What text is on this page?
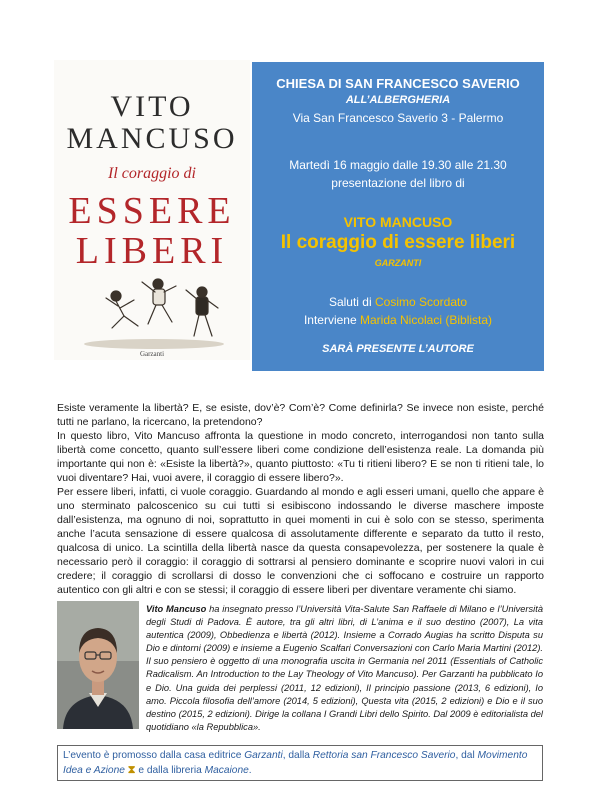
VITO
MANCUSO
Il coraggio di
ESSERE
LIBERI
Garzanti
CHIESA DI SAN FRANCESCO SAVERIO
ALL’ALBERGHERIA
Via San Francesco Saverio 3 - Palermo
Martedì 16 maggio dalle 19.30 alle 21.30
presentazione del libro di
VITO MANCUSO
Il coraggio di essere liberi
GARZANTI
Saluti di Cosimo Scordato
Interviene Marida Nicolaci (Biblista)
SARÀ PRESENTE L’AUTORE

Esiste veramente la libertà? E, se esiste, dov’è? Com’è? Come definirla? Se invece non esiste, perché tutti ne parlano, la ricercano, la pretendono?

In questo libro, Vito Mancuso affronta la questione in modo concreto, interrogandosi non tanto sulla libertà come concetto, quanto sull’essere liberi come condizione dell’esistenza reale. La domanda più importante qui non è: «Esiste la libertà?», quanto piuttosto: «Tu ti ritieni libero? E se non ti ritieni tale, lo vuoi diventare? Hai, vuoi avere, il coraggio di essere libero?».

Per essere liberi, infatti, ci vuole coraggio. Guardando al mondo e agli esseri umani, quello che appare è uno sterminato palcoscenico su cui tutti si esibiscono indossando le diverse maschere imposte dall’esistenza, ma ognuno di noi, soprattutto in quei momenti in cui è solo con se stesso, sperimenta anche l’acuta sensazione di essere qualcosa di assolutamente differente e separato da tutto il resto, qualcosa di unico. La scintilla della libertà nasce da questa consapevolezza, per sostenere la quale è necessario però il coraggio: il coraggio di sottrarsi al pensiero dominante e scoprire nuovi valori in cui credere; il coraggio di scrollarsi di dosso le convenzioni che ci soffocano e costruire un rapporto autentico con gli altri e con se stessi; il coraggio di essere liberi per diventare veramente chi siamo.

Vito Mancuso ha insegnato presso l’Università Vita-Salute San Raffaele di Milano e l’Università degli Studi di Padova. È autore, tra gli altri libri, di L’anima e il suo destino (2007), La vita autentica (2009), Obbedienza e libertà (2012). Insieme a Corrado Augias ha scritto Disputa su Dio e dintorni (2009) e insieme a Eugenio Scalfari Conversazioni con Carlo Maria Martini (2012). Il suo pensiero è oggetto di una monografia uscita in Germania nel 2011 (Essentials of Catholic Radicalism. An Introduction to the Lay Theology of Vito Mancuso). Per Garzanti ha pubblicato Io e Dio. Una guida dei perplessi (2011, 12 edizioni), Il principio passione (2013, 6 edizioni), Io amo. Piccola filosofia dell’amore (2014, 5 edizioni), Questa vita (2015, 2 edizioni) e Dio e il suo destino (2015, 2 edizioni). Dirige la collana I Grandi Libri dello Spirito. Dal 2009 è editorialista del quotidiano «la Repubblica».

L’evento è promosso dalla casa editrice Garzanti, dalla Rettoria san Francesco Saverio, dal Movimento Idea e Azione ⧗ e dalla libreria Macaione.
